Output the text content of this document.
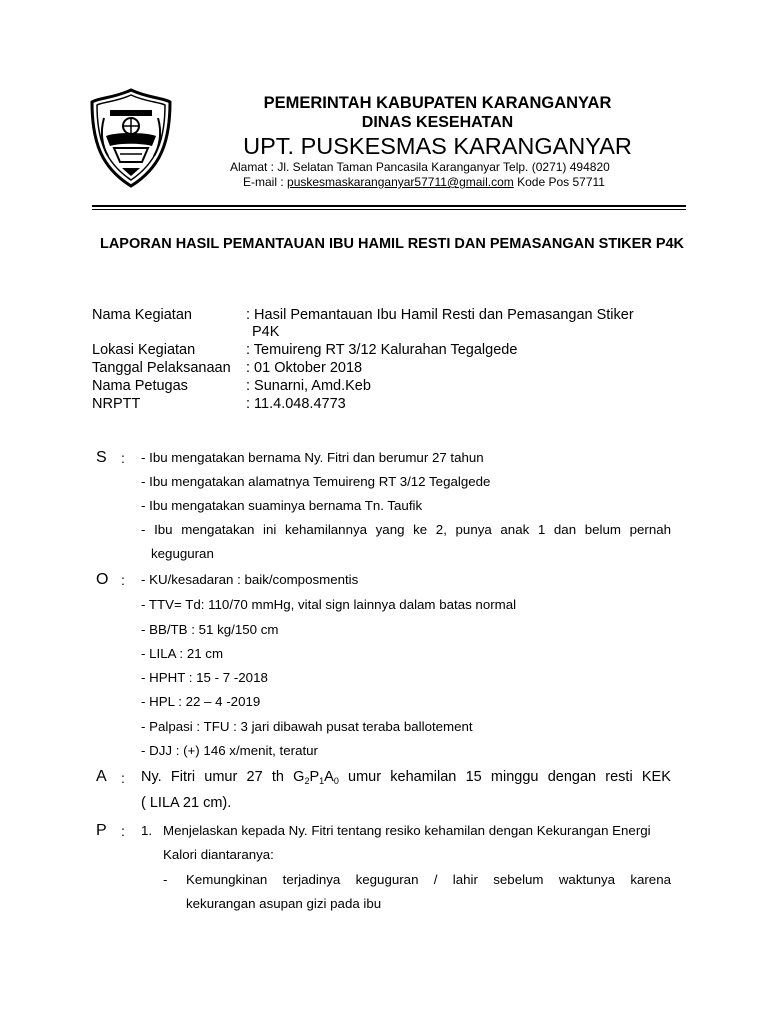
PEMERINTAH KABUPATEN KARANGANYAR
DINAS KESEHATAN
UPT. PUSKESMAS KARANGANYAR
Alamat : Jl. Selatan Taman Pancasila Karanganyar Telp. (0271) 494820
E-mail : puskesmaskaranganyar57711@gmail.com Kode Pos 57711
LAPORAN HASIL PEMANTAUAN IBU HAMIL RESTI DAN PEMASANGAN STIKER P4K
Nama Kegiatan	: Hasil Pemantauan Ibu Hamil Resti dan Pemasangan Stiker
P4K
Lokasi Kegiatan	: Temuireng RT 3/12 Kalurahan Tegalgede
Tanggal Pelaksanaan : 01 Oktober 2018
Nama Petugas	: Sunarni, Amd.Keb
NRPTT	: 11.4.048.4773
S : - Ibu mengatakan bernama Ny. Fitri dan berumur 27 tahun
- Ibu mengatakan alamatnya Temuireng RT 3/12 Tegalgede
- Ibu mengatakan suaminya bernama Tn. Taufik
- Ibu mengatakan ini kehamilannya yang ke 2, punya anak 1 dan belum pernah
keguguran
O : - KU/kesadaran : baik/composmentis
- TTV= Td: 110/70 mmHg, vital sign lainnya dalam batas normal
- BB/TB : 51 kg/150 cm
- LILA : 21 cm
- HPHT : 15 - 7 -2018
- HPL : 22 – 4 -2019
- Palpasi : TFU : 3 jari dibawah pusat teraba ballotement
- DJJ : (+) 146 x/menit, teratur
A : Ny. Fitri umur 27 th $G_2P_1A_0$ umur kehamilan 15 minggu dengan resti KEK
( LILA 21 cm).
P : 1. Menjelaskan kepada Ny. Fitri tentang resiko kehamilan dengan Kekurangan Energi
Kalori diantaranya:
- Kemungkinan terjadinya keguguran / lahir sebelum waktunya karena
kekurangan asupan gizi pada ibu
